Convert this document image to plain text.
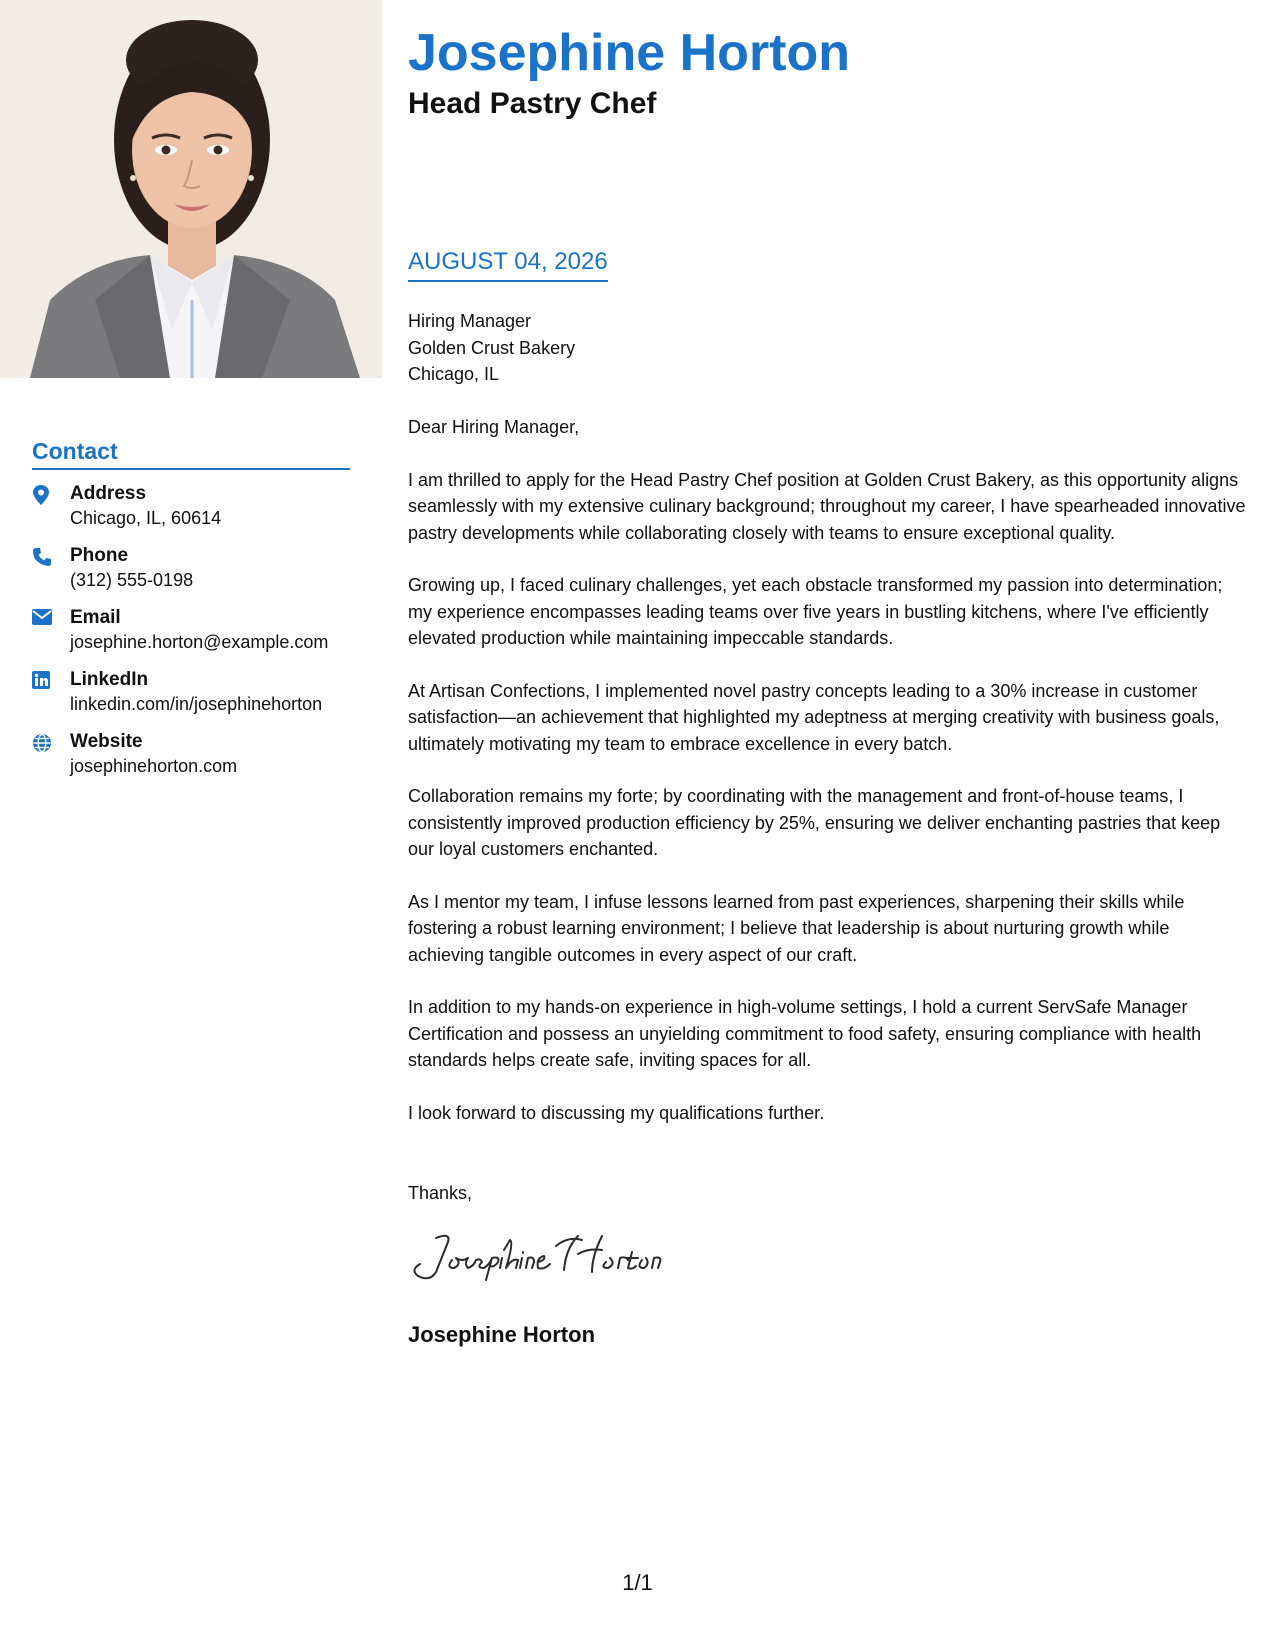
Josephine Horton
Head Pastry Chef
Contact
Address
Chicago, IL, 60614
Phone
(312) 555-0198
Email
josephine.horton@example.com
LinkedIn
linkedin.com/in/josephinehorton
Website
josephinehorton.com
AUGUST 04, 2026
Hiring Manager
Golden Crust Bakery
Chicago, IL

Dear Hiring Manager,

I am thrilled to apply for the Head Pastry Chef position at Golden Crust Bakery, as this opportunity aligns seamlessly with my extensive culinary background; throughout my career, I have spearheaded innovative pastry developments while collaborating closely with teams to ensure exceptional quality.

Growing up, I faced culinary challenges, yet each obstacle transformed my passion into determination; my experience encompasses leading teams over five years in bustling kitchens, where I've efficiently elevated production while maintaining impeccable standards.

At Artisan Confections, I implemented novel pastry concepts leading to a 30% increase in customer satisfaction—an achievement that highlighted my adeptness at merging creativity with business goals, ultimately motivating my team to embrace excellence in every batch.

Collaboration remains my forte; by coordinating with the management and front-of-house teams, I consistently improved production efficiency by 25%, ensuring we deliver enchanting pastries that keep our loyal customers enchanted.

As I mentor my team, I infuse lessons learned from past experiences, sharpening their skills while fostering a robust learning environment; I believe that leadership is about nurturing growth while achieving tangible outcomes in every aspect of our craft.

In addition to my hands-on experience in high-volume settings, I hold a current ServSafe Manager Certification and possess an unyielding commitment to food safety, ensuring compliance with health standards helps create safe, inviting spaces for all.

I look forward to discussing my qualifications further.

Thanks,
Josephine Horton
1/1
